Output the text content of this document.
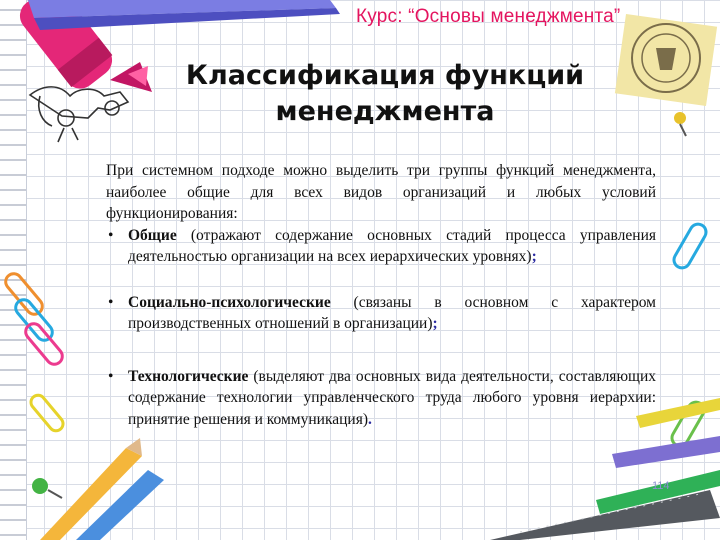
Курс: “Основы менеджмента”
Классификация функций
менеджмента
При системном подходе можно выделить три группы функций менеджмента, наиболее общие для всех видов организаций и любых условий функционирования:
• Общие (отражают содержание основных стадий процесса управления деятельностью организации на всех иерархических уровнях);
• Социально-психологические (связаны в основном с характером производственных отношений в организации);
• Технологические (выделяют два основных вида деятельности, составляющих содержание технологии управленческого труда любого уровня иерархии: принятие решения и коммуникация).
114
